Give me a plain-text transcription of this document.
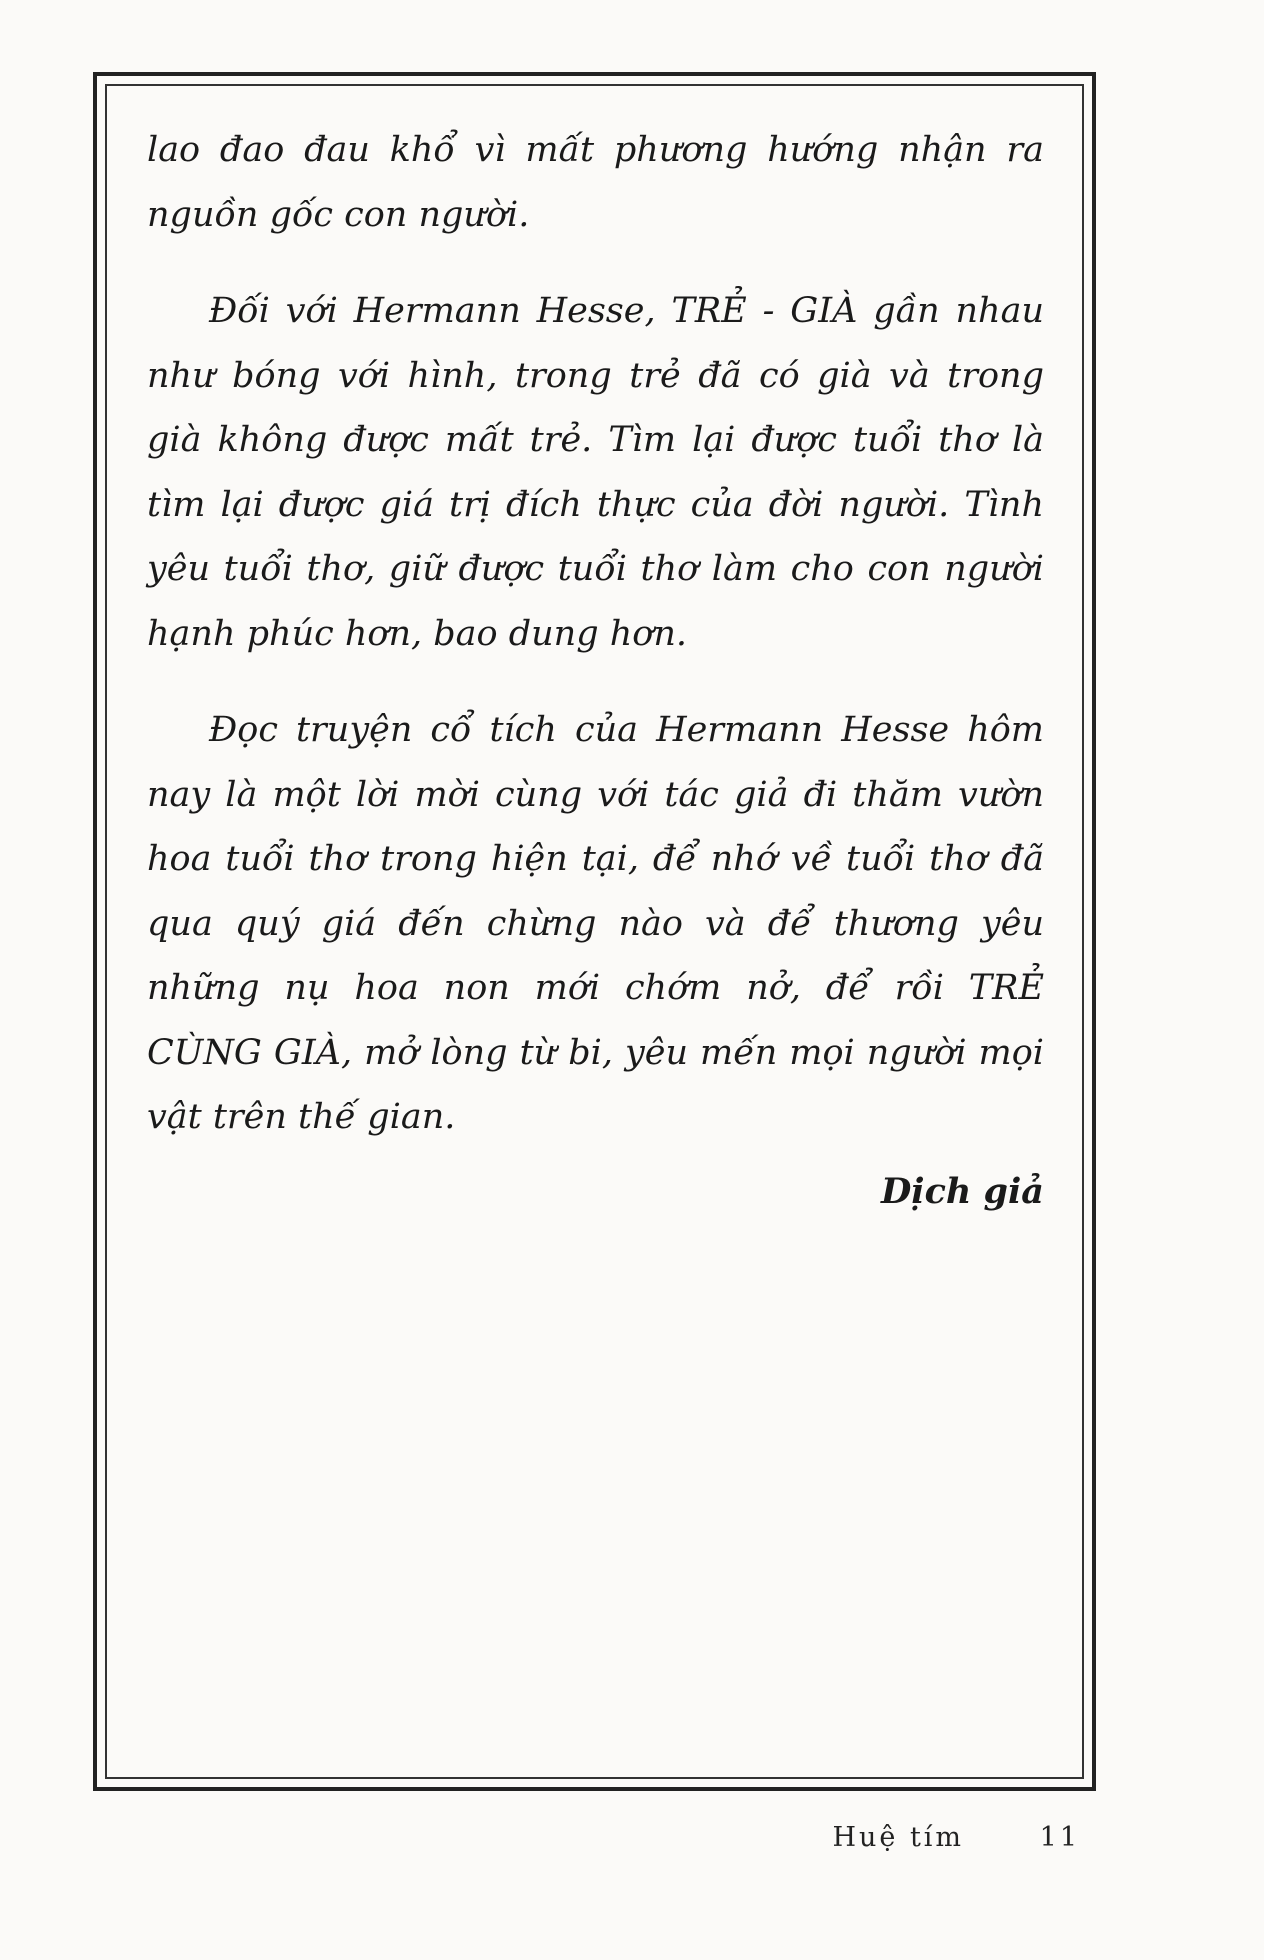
lao đao đau khổ vì mất phương hướng nhận ra nguồn gốc con người.

Đối với Hermann Hesse, TRẺ - GIÀ gần nhau như bóng với hình, trong trẻ đã có già và trong già không được mất trẻ. Tìm lại được tuổi thơ là tìm lại được giá trị đích thực của đời người. Tình yêu tuổi thơ, giữ được tuổi thơ làm cho con người hạnh phúc hơn, bao dung hơn.

Đọc truyện cổ tích của Hermann Hesse hôm nay là một lời mời cùng với tác giả đi thăm vườn hoa tuổi thơ trong hiện tại, để nhớ về tuổi thơ đã qua quý giá đến chừng nào và để thương yêu những nụ hoa non mới chớm nở, để rồi TRẺ CÙNG GIÀ, mở lòng từ bi, yêu mến mọi người mọi vật trên thế gian.

Dịch giả
Huệ tím	11
